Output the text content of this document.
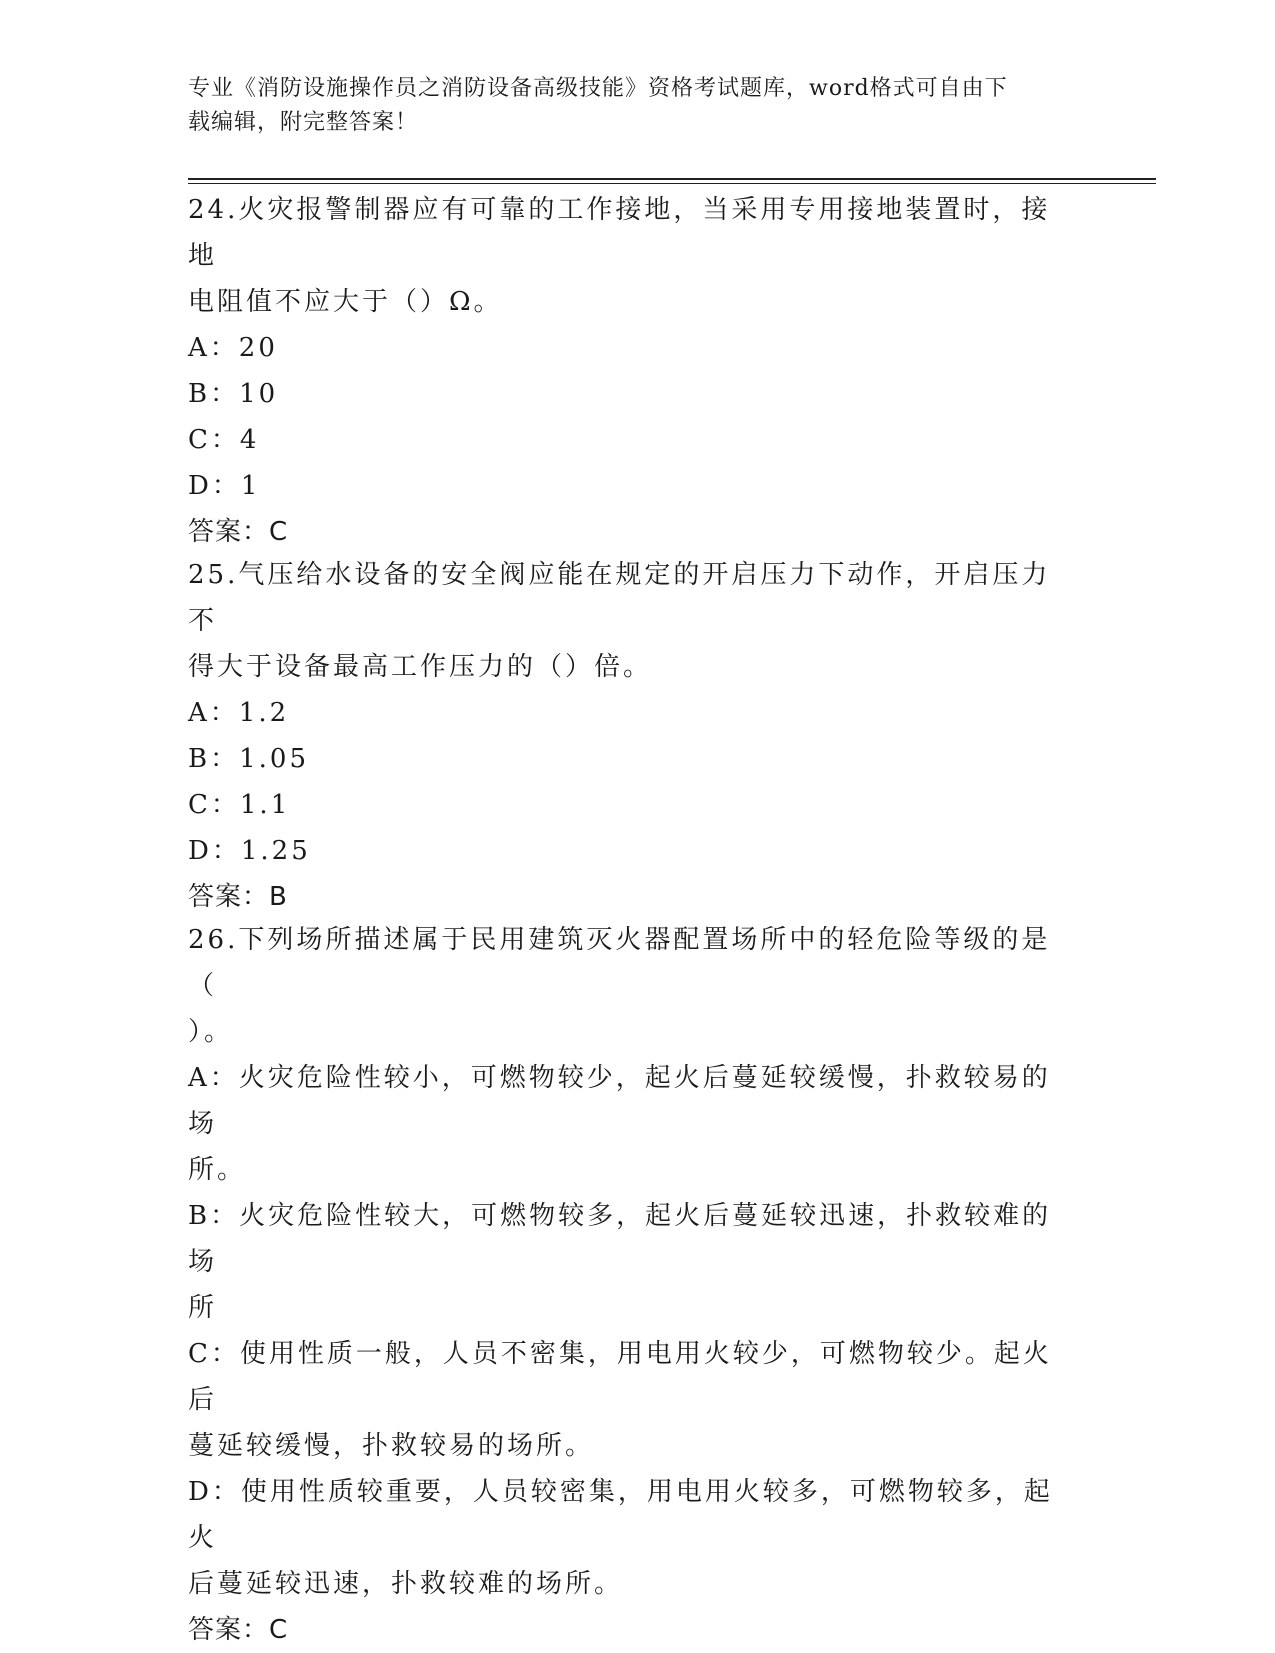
专业《消防设施操作员之消防设备高级技能》资格考试题库，word格式可自由下
载编辑，附完整答案！
24.火灾报警制器应有可靠的工作接地，当采用专用接地装置时，接地
电阻值不应大于（）Ω。
A：20
B：10
C：4
D：1
答案：C
25.气压给水设备的安全阀应能在规定的开启压力下动作，开启压力不
得大于设备最高工作压力的（）倍。
A：1.2
B：1.05
C：1.1
D：1.25
答案：B
26.下列场所描述属于民用建筑灭火器配置场所中的轻危险等级的是（
）。
A：火灾危险性较小，可燃物较少，起火后蔓延较缓慢，扑救较易的场
所。
B：火灾危险性较大，可燃物较多，起火后蔓延较迅速，扑救较难的场
所
C：使用性质一般，人员不密集，用电用火较少，可燃物较少。起火后
蔓延较缓慢，扑救较易的场所。
D：使用性质较重要，人员较密集，用电用火较多，可燃物较多，起火
后蔓延较迅速，扑救较难的场所。
答案：C
